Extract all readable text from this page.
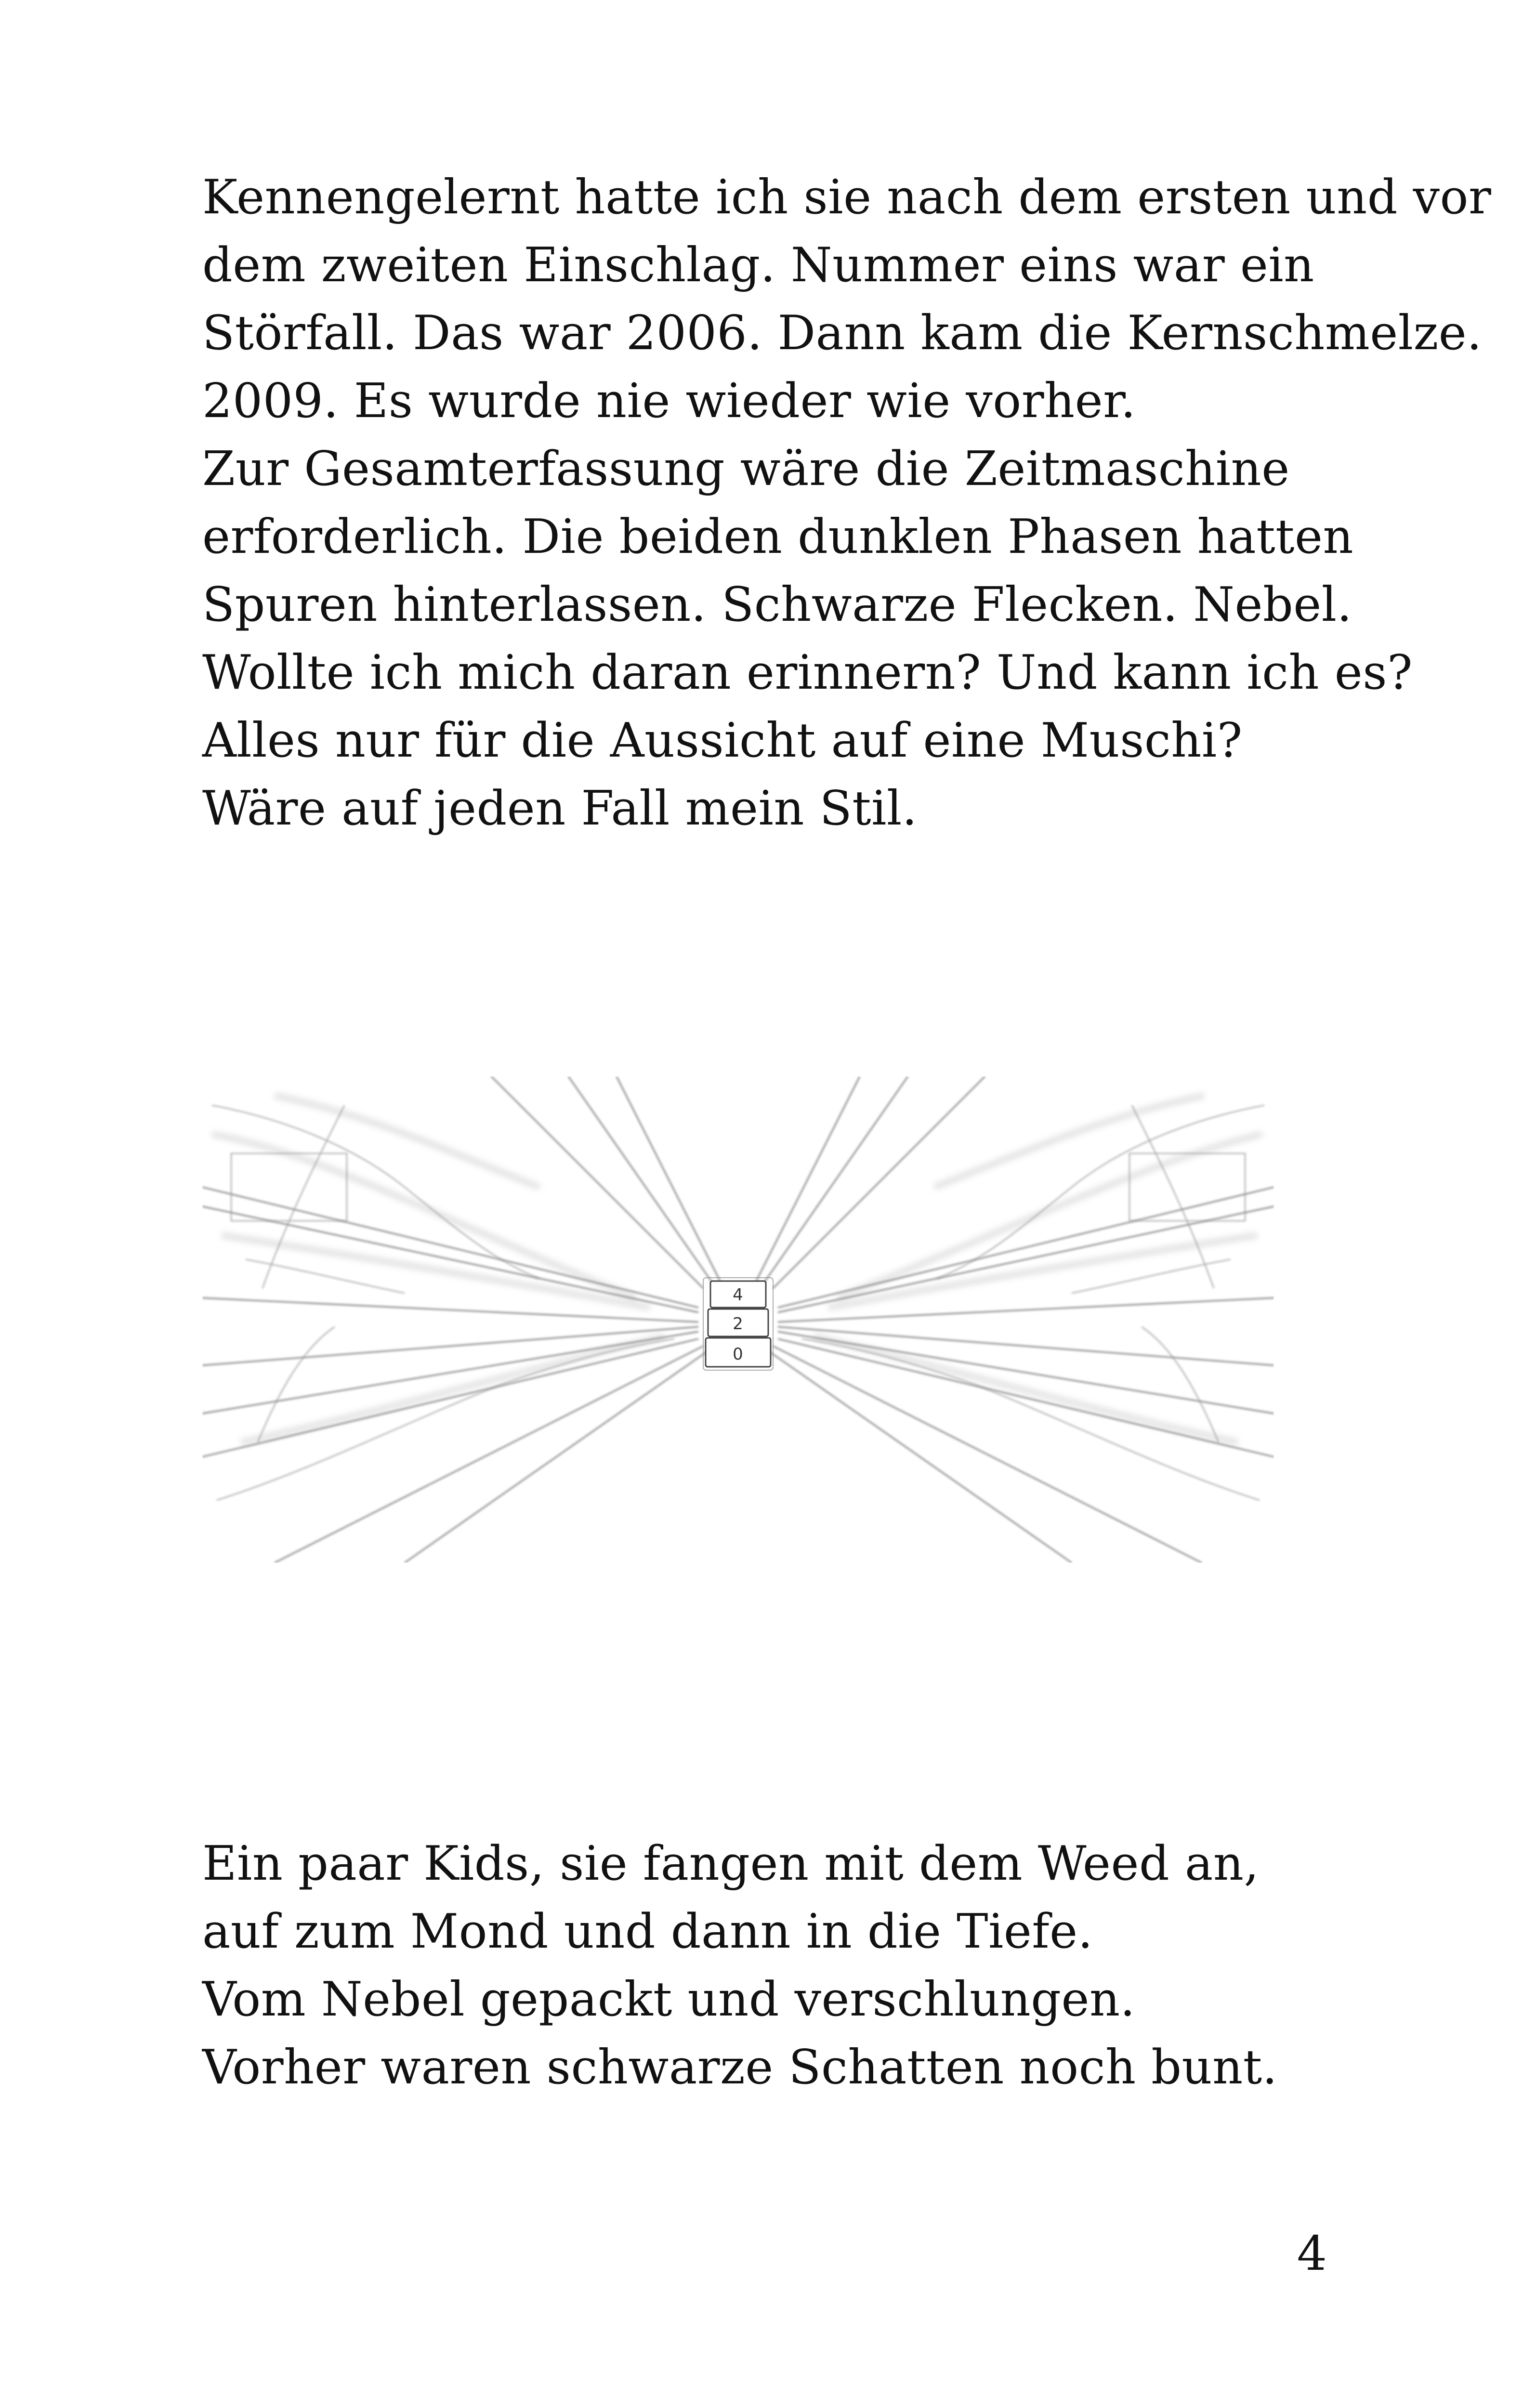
Kennengelernt hatte ich sie nach dem ersten und vor
dem zweiten Einschlag. Nummer eins war ein
Störfall. Das war 2006. Dann kam die Kernschmelze.
2009. Es wurde nie wieder wie vorher.
Zur Gesamterfassung wäre die Zeitmaschine
erforderlich. Die beiden dunklen Phasen hatten
Spuren hinterlassen. Schwarze Flecken. Nebel.
Wollte ich mich daran erinnern? Und kann ich es?
Alles nur für die Aussicht auf eine Muschi?
Wäre auf jeden Fall mein Stil.
4
2
0
Ein paar Kids, sie fangen mit dem Weed an,
auf zum Mond und dann in die Tiefe.
Vom Nebel gepackt und verschlungen.
Vorher waren schwarze Schatten noch bunt.
4
